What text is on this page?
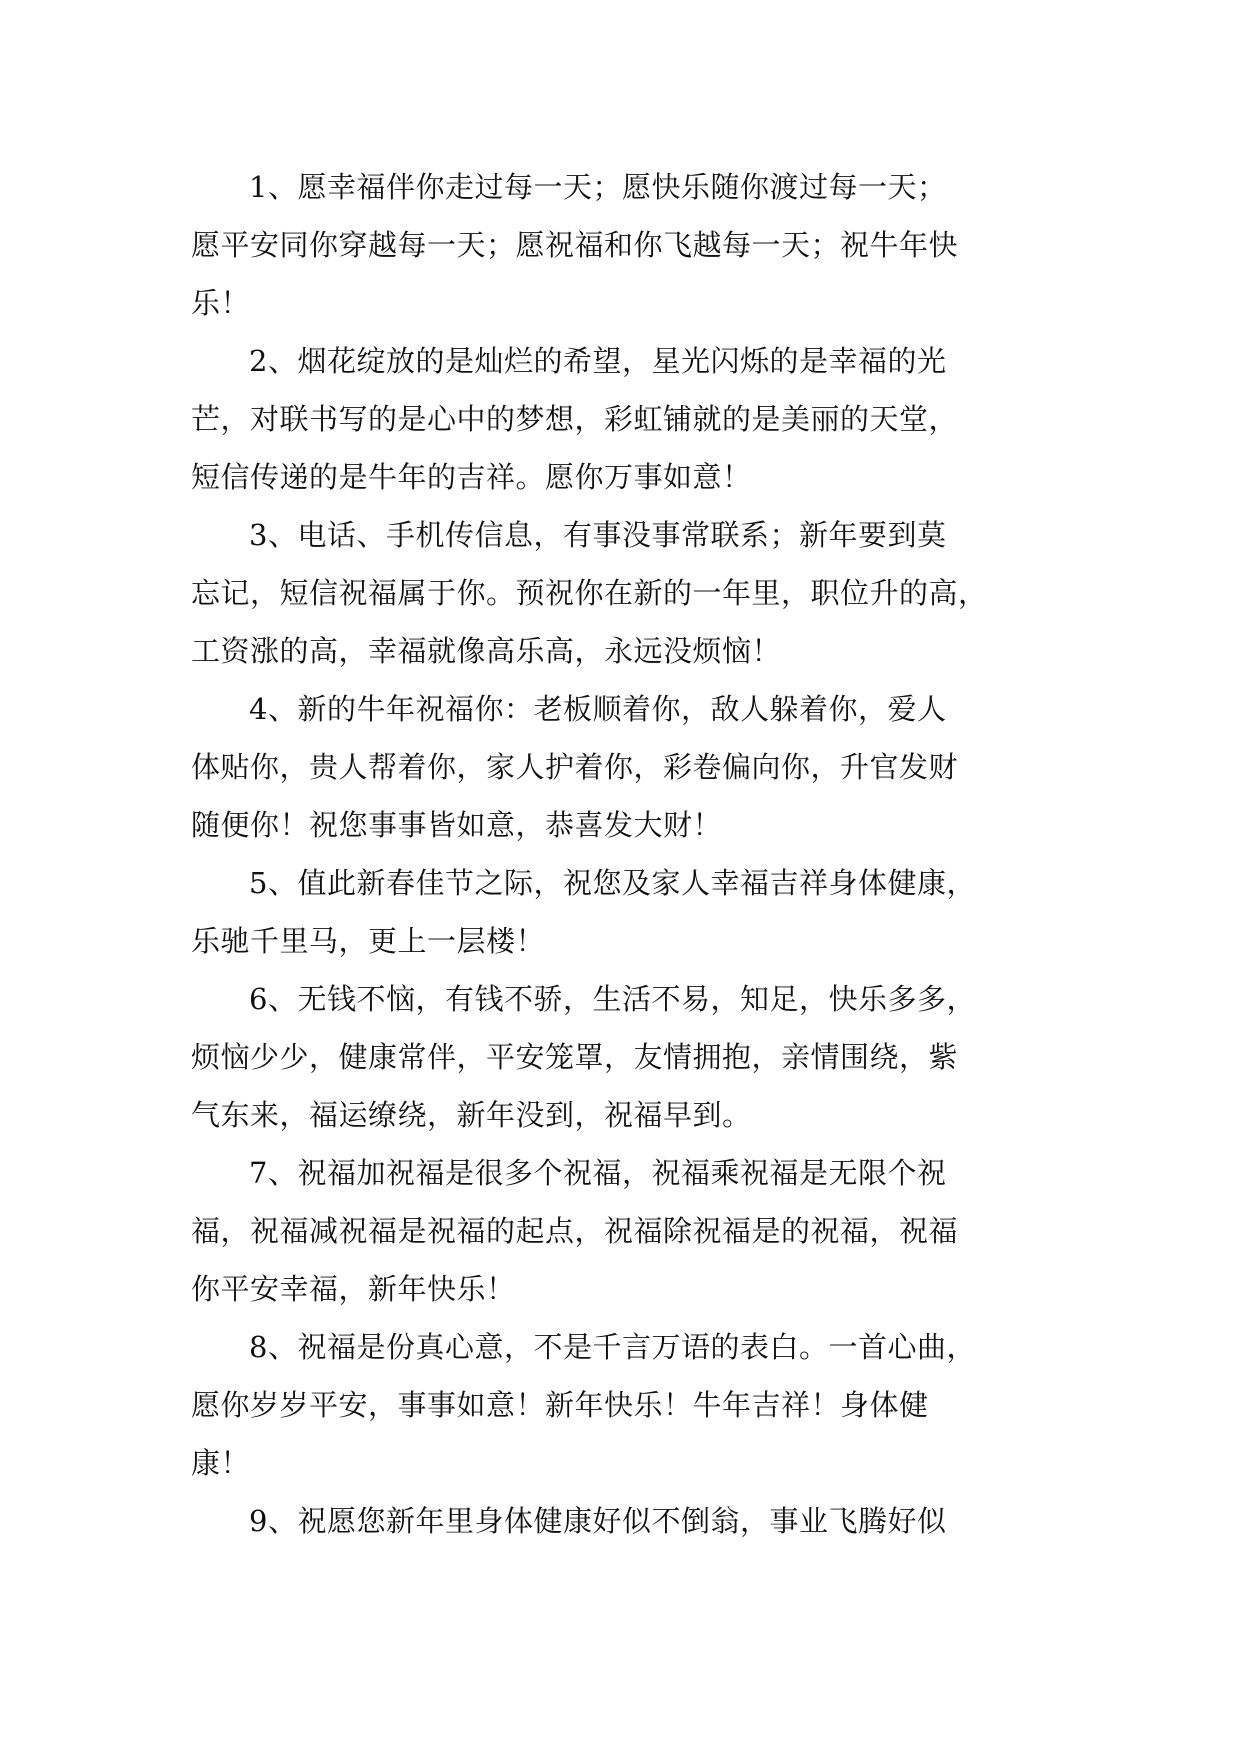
1、愿幸福伴你走过每一天；愿快乐随你渡过每一天；
愿平安同你穿越每一天；愿祝福和你飞越每一天；祝牛年快
乐！
2、烟花绽放的是灿烂的希望，星光闪烁的是幸福的光
芒，对联书写的是心中的梦想，彩虹铺就的是美丽的天堂，
短信传递的是牛年的吉祥。愿你万事如意！
3、电话、手机传信息，有事没事常联系；新年要到莫
忘记，短信祝福属于你。预祝你在新的一年里，职位升的高，
工资涨的高，幸福就像高乐高，永远没烦恼！
4、新的牛年祝福你：老板顺着你，敌人躲着你，爱人
体贴你，贵人帮着你，家人护着你，彩卷偏向你，升官发财
随便你！祝您事事皆如意，恭喜发大财！
5、值此新春佳节之际，祝您及家人幸福吉祥身体健康，
乐驰千里马，更上一层楼！
6、无钱不恼，有钱不骄，生活不易，知足，快乐多多，
烦恼少少，健康常伴，平安笼罩，友情拥抱，亲情围绕，紫
气东来，福运缭绕，新年没到，祝福早到。
7、祝福加祝福是很多个祝福，祝福乘祝福是无限个祝
福，祝福减祝福是祝福的起点，祝福除祝福是的祝福，祝福
你平安幸福，新年快乐！
8、祝福是份真心意，不是千言万语的表白。一首心曲，
愿你岁岁平安，事事如意！新年快乐！牛年吉祥！身体健
康！
9、祝愿您新年里身体健康好似不倒翁，事业飞腾好似
